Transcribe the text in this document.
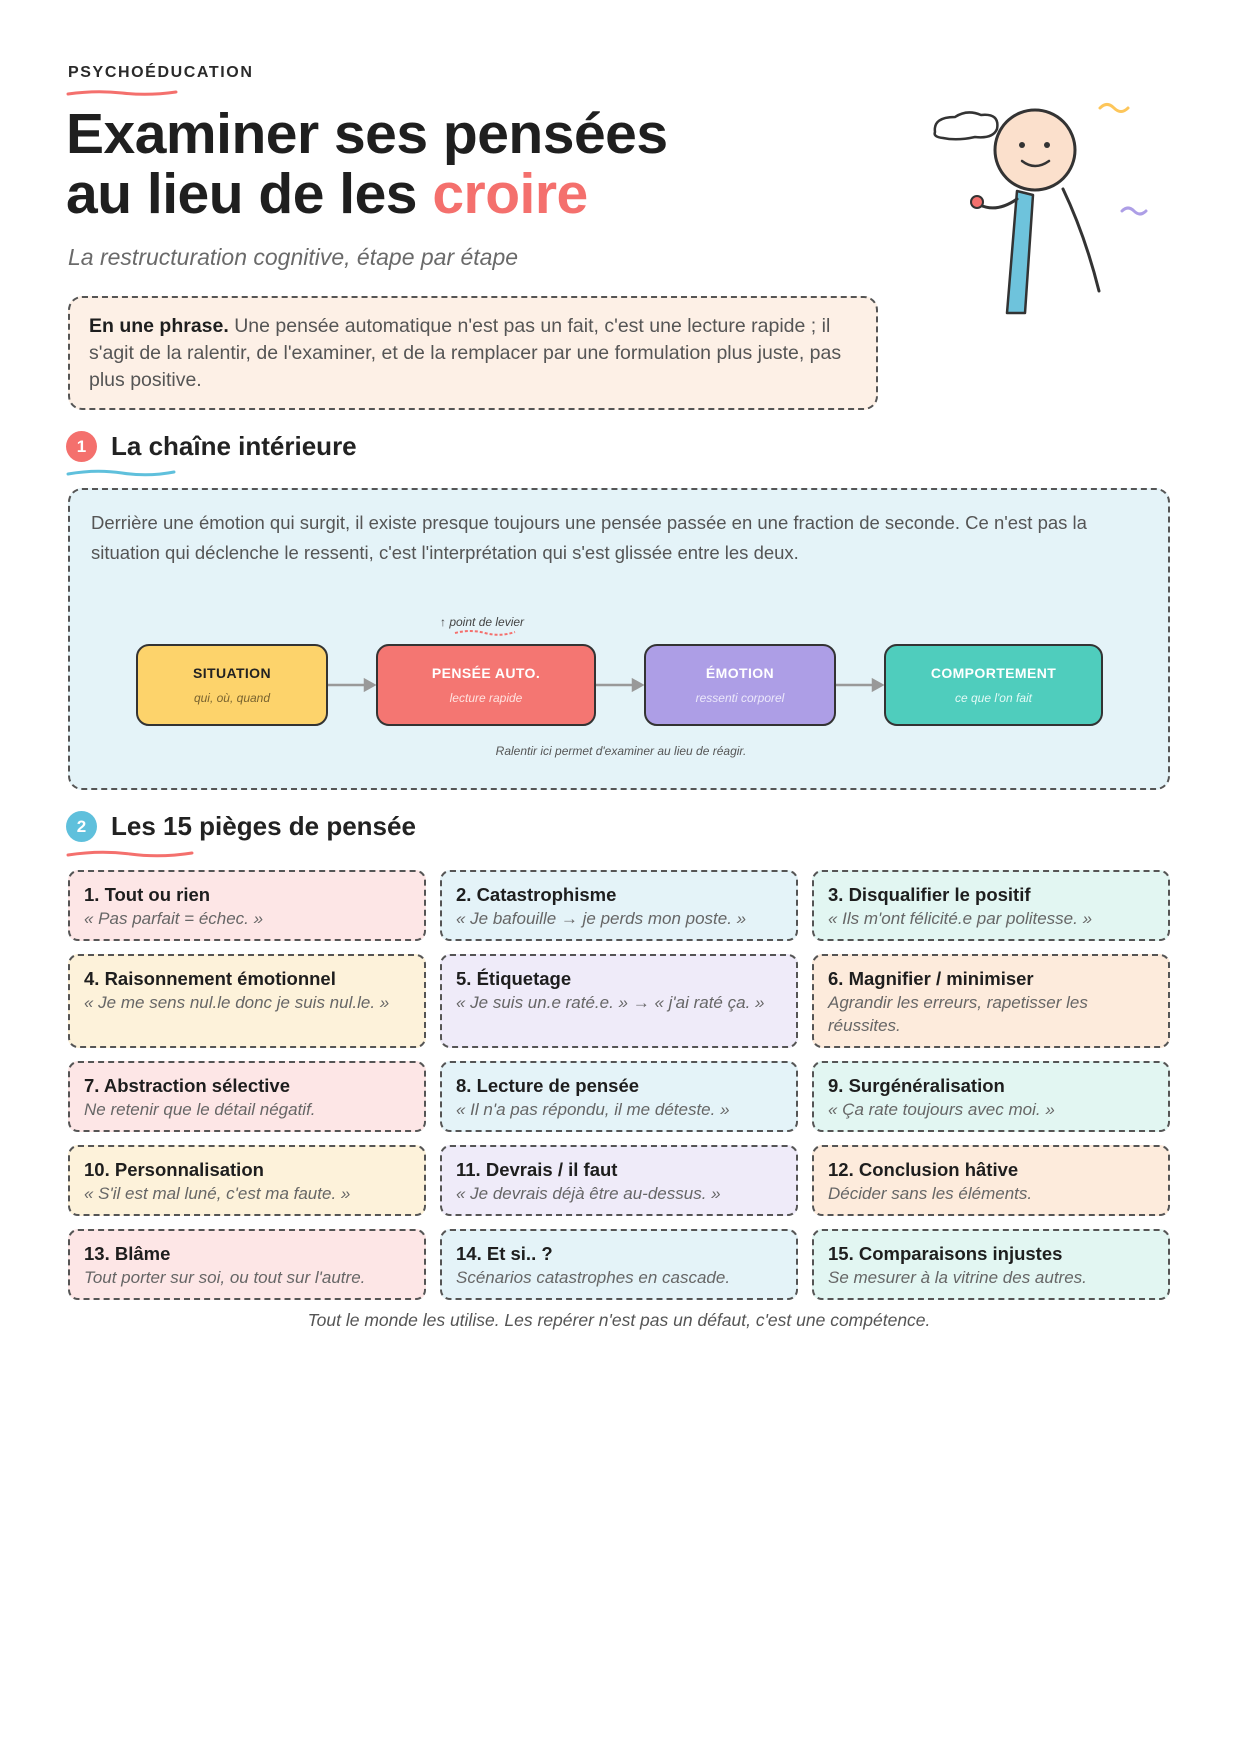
PSYCHOÉDUCATION
Examiner ses pensées
au lieu de les croire
La restructuration cognitive, étape par étape
En une phrase. Une pensée automatique n'est pas un fait, c'est une lecture rapide ; il s'agit de la ralentir, de l'examiner, et de la remplacer par une formulation plus juste, pas plus positive.
1 La chaîne intérieure
Derrière une émotion qui surgit, il existe presque toujours une pensée passée en une fraction de seconde. Ce n'est pas la situation qui déclenche le ressenti, c'est l'interprétation qui s'est glissée entre les deux.
↑ point de levier
SITUATION
qui, où, quand
PENSÉE AUTO.
lecture rapide
ÉMOTION
ressenti corporel
COMPORTEMENT
ce que l'on fait
Ralentir ici permet d'examiner au lieu de réagir.
2 Les 15 pièges de pensée
1. Tout ou rien
« Pas parfait = échec. »
2. Catastrophisme
« Je bafouille → je perds mon poste. »
3. Disqualifier le positif
« Ils m'ont félicité.e par politesse. »
4. Raisonnement émotionnel
« Je me sens nul.le donc je suis nul.le. »
5. Étiquetage
« Je suis un.e raté.e. » → « j'ai raté ça. »
6. Magnifier / minimiser
Agrandir les erreurs, rapetisser les réussites.
7. Abstraction sélective
Ne retenir que le détail négatif.
8. Lecture de pensée
« Il n'a pas répondu, il me déteste. »
9. Surgénéralisation
« Ça rate toujours avec moi. »
10. Personnalisation
« S'il est mal luné, c'est ma faute. »
11. Devrais / il faut
« Je devrais déjà être au-dessus. »
12. Conclusion hâtive
Décider sans les éléments.
13. Blâme
Tout porter sur soi, ou tout sur l'autre.
14. Et si.. ?
Scénarios catastrophes en cascade.
15. Comparaisons injustes
Se mesurer à la vitrine des autres.
Tout le monde les utilise. Les repérer n'est pas un défaut, c'est une compétence.
